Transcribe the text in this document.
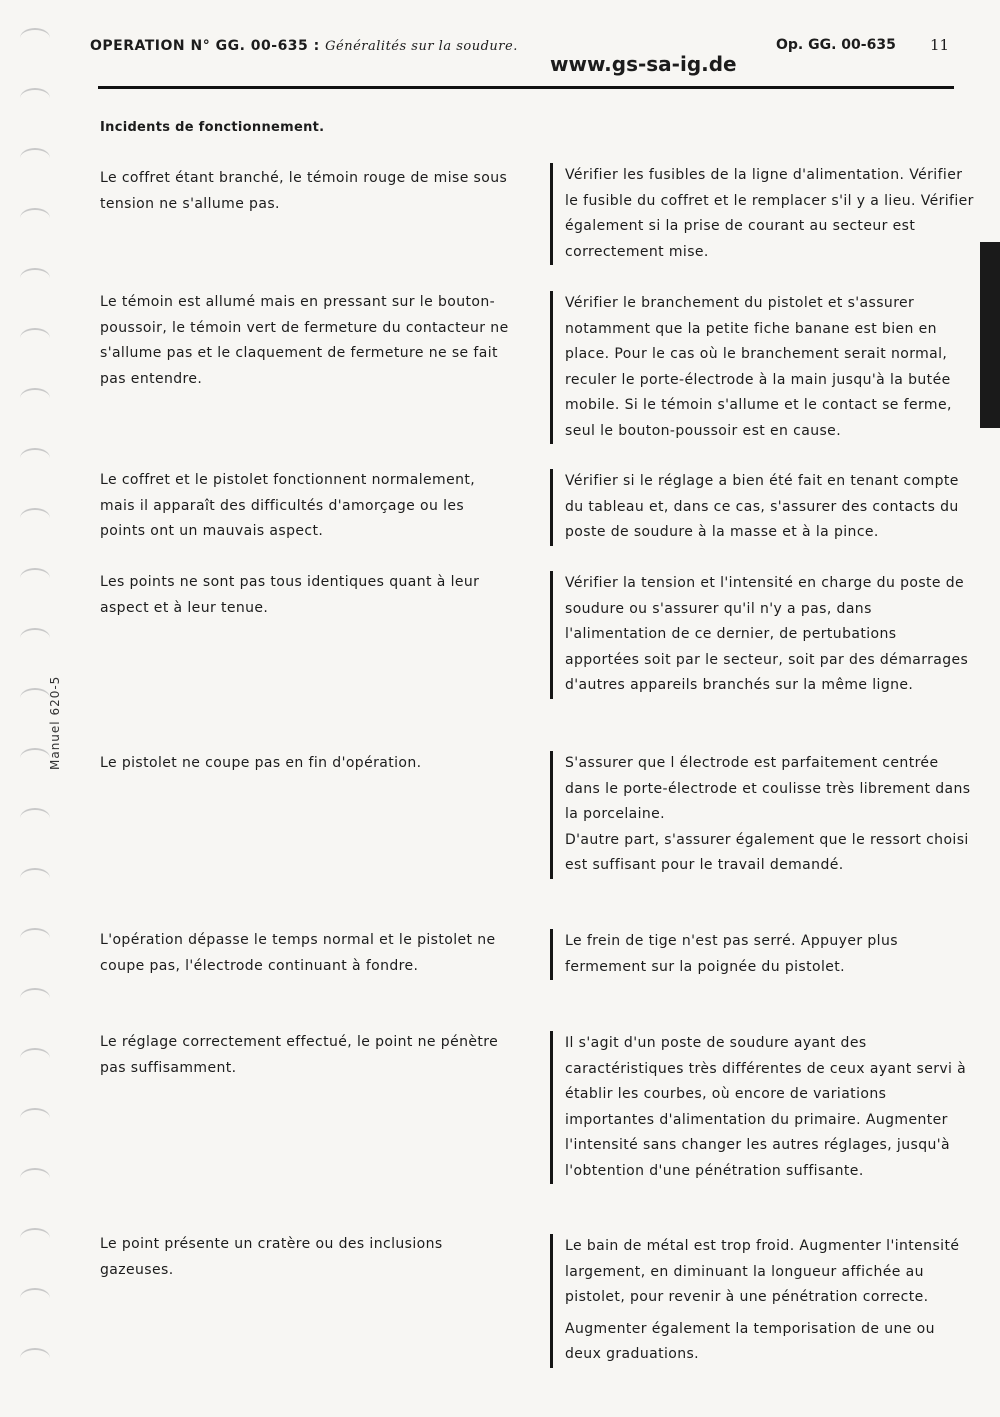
Manuel 620-5
OPERATION N° GG. 00-635 : Généralités sur la soudure.
www.gs-sa-ig.de
Op. GG. 00-635 11
Incidents de fonctionnement.
Le coffret étant branché, le témoin rouge de mise sous tension ne s'allume pas.

Vérifier les fusibles de la ligne d'alimentation. Vérifier le fusible du coffret et le remplacer s'il y a lieu. Vérifier également si la prise de courant au secteur est correctement mise.

Le témoin est allumé mais en pressant sur le bouton-poussoir, le témoin vert de fermeture du contacteur ne s'allume pas et le claquement de fermeture ne se fait pas entendre.

Vérifier le branchement du pistolet et s'assurer notamment que la petite fiche banane est bien en place. Pour le cas où le branchement serait normal, reculer le porte-électrode à la main jusqu'à la butée mobile. Si le témoin s'allume et le contact se ferme, seul le bouton-poussoir est en cause.

Le coffret et le pistolet fonctionnent normalement, mais il apparaît des difficultés d'amorçage ou les points ont un mauvais aspect.

Vérifier si le réglage a bien été fait en tenant compte du tableau et, dans ce cas, s'assurer des contacts du poste de soudure à la masse et à la pince.

Les points ne sont pas tous identiques quant à leur aspect et à leur tenue.

Vérifier la tension et l'intensité en charge du poste de soudure ou s'assurer qu'il n'y a pas, dans l'alimentation de ce dernier, de pertubations apportées soit par le secteur, soit par des démarrages d'autres appareils branchés sur la même ligne.

Le pistolet ne coupe pas en fin d'opération.	S'assurer que l électrode est parfaitement centrée dans le porte-électrode et coulisse très librement dans la porcelaine.

D'autre part, s'assurer également que le ressort choisi est suffisant pour le travail demandé.

L'opération dépasse le temps normal et le pistolet ne coupe pas, l'électrode continuant à fondre.

Le frein de tige n'est pas serré. Appuyer plus fermement sur la poignée du pistolet.

Le réglage correctement effectué, le point ne pénètre pas suffisamment.

Il s'agit d'un poste de soudure ayant des caractéristiques très différentes de ceux ayant servi à établir les courbes, où encore de variations importantes d'alimentation du primaire. Augmenter l'intensité sans changer les autres réglages, jusqu'à l'obtention d'une pénétration suffisante.

Le point présente un cratère ou des inclusions gazeuses.

Le bain de métal est trop froid. Augmenter l'intensité largement, en diminuant la longueur affichée au pistolet, pour revenir à une pénétration correcte.

Augmenter également la temporisation de une ou deux graduations.
